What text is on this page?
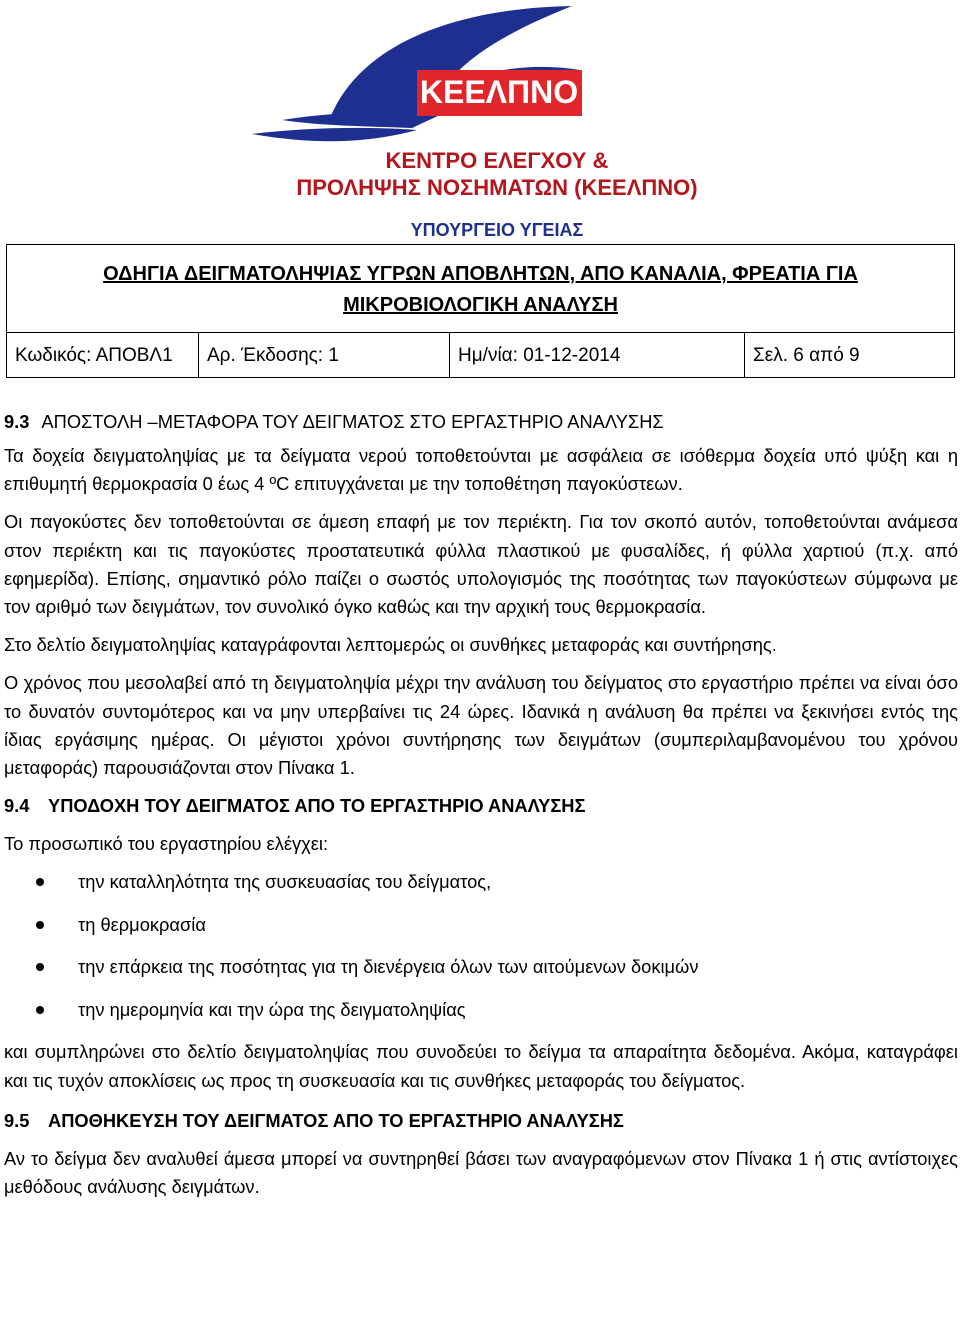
ΚΕΕΛΠΝΟ
ΚΕΝΤΡΟ ΕΛΕΓΧΟΥ &
ΠΡΟΛΗΨΗΣ ΝΟΣΗΜΑΤΩΝ (ΚΕΕΛΠΝΟ)
ΥΠΟΥΡΓΕΙΟ ΥΓΕΙΑΣ
ΟΔΗΓΙΑ ΔΕΙΓΜΑΤΟΛΗΨΙΑΣ ΥΓΡΩΝ ΑΠΟΒΛΗΤΩΝ, ΑΠΟ ΚΑΝΑΛΙΑ, ΦΡΕΑΤΙΑ ΓΙΑ
ΜΙΚΡΟΒΙΟΛΟΓΙΚΗ ΑΝΑΛΥΣΗ
Κωδικός: ΑΠΟΒΛ1	Αρ. Έκδοσης: 1	Ημ/νία: 01-12-2014	Σελ. 6 από 9
9.3 ΑΠΟΣΤΟΛΗ –ΜΕΤΑΦΟΡΑ ΤΟΥ ΔΕΙΓΜΑΤΟΣ ΣΤΟ ΕΡΓΑΣΤΗΡΙΟ ΑΝΑΛΥΣΗΣ

Τα δοχεία δειγματοληψίας με τα δείγματα νερού τοποθετούνται με ασφάλεια σε ισόθερμα δοχεία υπό ψύξη και η επιθυμητή θερμοκρασία 0 έως 4 ºC επιτυγχάνεται με την τοποθέτηση παγοκύστεων.

Οι παγοκύστες δεν τοποθετούνται σε άμεση επαφή με τον περιέκτη. Για τον σκοπό αυτόν, τοποθετούνται ανάμεσα στον περιέκτη και τις παγοκύστες προστατευτικά φύλλα πλαστικού με φυσαλίδες, ή φύλλα χαρτιού (π.χ. από εφημερίδα). Επίσης, σημαντικό ρόλο παίζει ο σωστός υπολογισμός της ποσότητας των παγοκύστεων σύμφωνα με τον αριθμό των δειγμάτων, τον συνολικό όγκο καθώς και την αρχική τους θερμοκρασία.

Στο δελτίο δειγματοληψίας καταγράφονται λεπτομερώς οι συνθήκες μεταφοράς και συντήρησης.

Ο χρόνος που μεσολαβεί από τη δειγματοληψία μέχρι την ανάλυση του δείγματος στο εργαστήριο πρέπει να είναι όσο το δυνατόν συντομότερος και να μην υπερβαίνει τις 24 ώρες. Ιδανικά η ανάλυση θα πρέπει να ξεκινήσει εντός της ίδιας εργάσιμης ημέρας. Οι μέγιστοι χρόνοι συντήρησης των δειγμάτων (συμπεριλαμβανομένου του χρόνου μεταφοράς) παρουσιάζονται στον Πίνακα 1.

9.4 ΥΠΟΔΟΧΗ ΤΟΥ ΔΕΙΓΜΑΤΟΣ ΑΠΟ ΤΟ ΕΡΓΑΣΤΗΡΙΟ ΑΝΑΛΥΣΗΣ

Το προσωπικό του εργαστηρίου ελέγχει:

την καταλληλότητα της συσκευασίας του δείγματος,
τη θερμοκρασία
την επάρκεια της ποσότητας για τη διενέργεια όλων των αιτούμενων δοκιμών
την ημερομηνία και την ώρα της δειγματοληψίας

και συμπληρώνει στο δελτίο δειγματοληψίας που συνοδεύει το δείγμα τα απαραίτητα δεδομένα. Ακόμα, καταγράφει και τις τυχόν αποκλίσεις ως προς τη συσκευασία και τις συνθήκες μεταφοράς του δείγματος.

9.5 ΑΠΟΘΗΚΕΥΣΗ ΤΟΥ ΔΕΙΓΜΑΤΟΣ ΑΠΟ ΤΟ ΕΡΓΑΣΤΗΡΙΟ ΑΝΑΛΥΣΗΣ

Αν το δείγμα δεν αναλυθεί άμεσα μπορεί να συντηρηθεί βάσει των αναγραφόμενων στον Πίνακα 1 ή στις αντίστοιχες μεθόδους ανάλυσης δειγμάτων.
